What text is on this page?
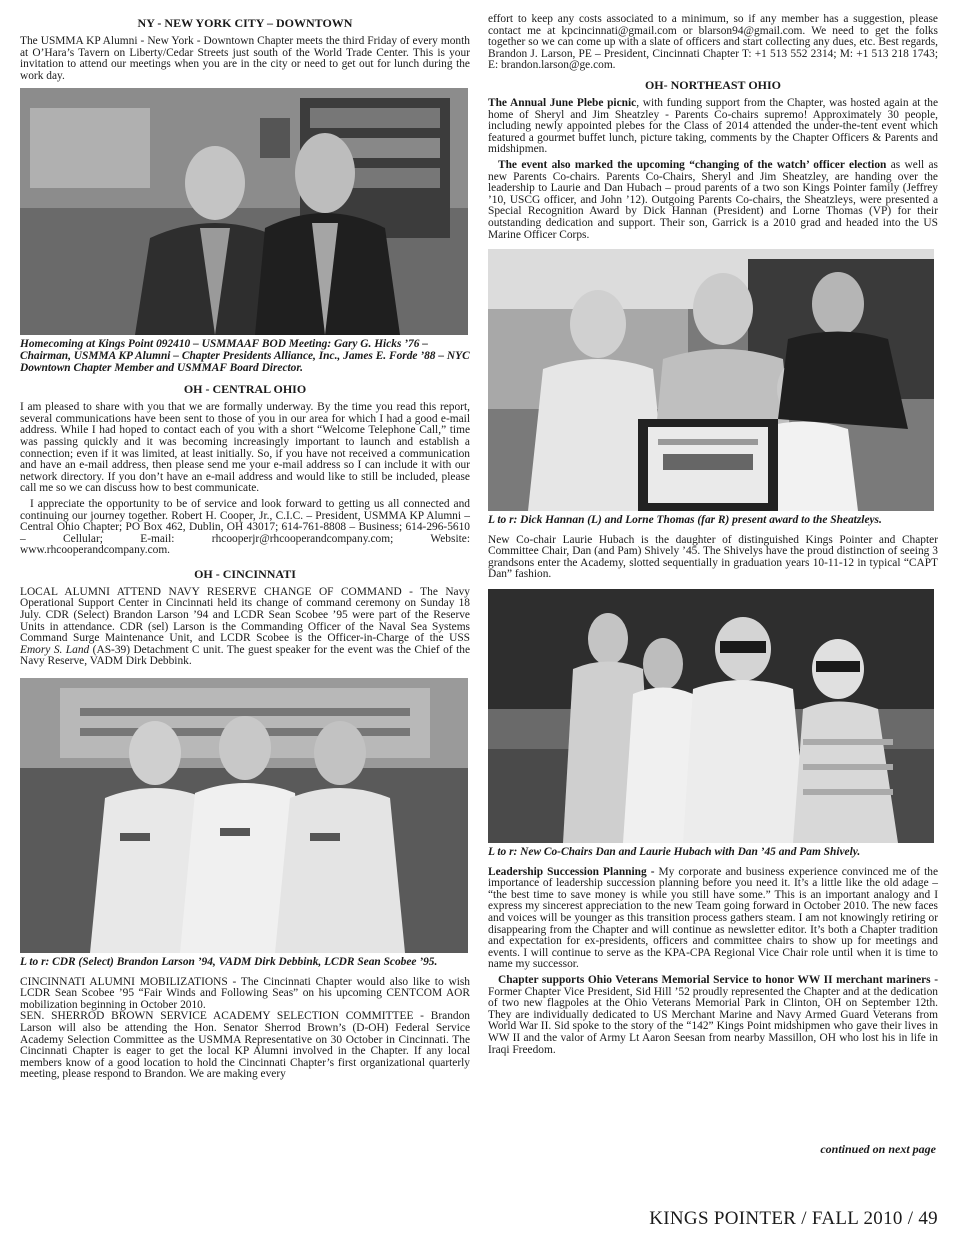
NY - NEW YORK CITY – DOWNTOWN

The USMMA KP Alumni - New York - Downtown Chapter meets the third Friday of every month at O’Hara’s Tavern on Liberty/Cedar Streets just south of the World Trade Center. This is your invitation to attend our meetings when you are in the city or need to get out for lunch during the work day.

Homecoming at Kings Point 092410 – USMMAAF BOD Meeting: Gary G. Hicks ’76 – Chairman, USMMA KP Alumni – Chapter Presidents Alliance, Inc., James E. Forde ’88 – NYC Downtown Chapter Member and USMMAF Board Director.
OH - CENTRAL OHIO

I am pleased to share with you that we are formally underway. By the time you read this report, several communications have been sent to those of you in our area for which I had a good e-mail address. While I had hoped to contact each of you with a short “Welcome Telephone Call,” time was passing quickly and it was becoming increasingly important to launch and establish a connection; even if it was limited, at least initially. So, if you have not received a communication and have an e-mail address, then please send me your e-mail address so I can include it with our network directory. If you don’t have an e-mail address and would like to still be included, please call me so we can discuss how to best communicate.

I appreciate the opportunity to be of service and look forward to getting us all connected and continuing our journey together. Robert H. Cooper, Jr., C.I.C. – President, USMMA KP Alumni – Central Ohio Chapter; PO Box 462, Dublin, OH 43017; 614-761-8808 – Business; 614-296-5610 – Cellular; E-mail: rhcooperjr@rhcooperandcompany.com; Website: www.rhcooperandcompany.com.

OH - CINCINNATI

LOCAL ALUMNI ATTEND NAVY RESERVE CHANGE OF COMMAND - The Navy Operational Support Center in Cincinnati held its change of command ceremony on Sunday 18 July. CDR (Select) Brandon Larson ’94 and LCDR Sean Scobee ’95 were part of the Reserve Units in attendance. CDR (sel) Larson is the Commanding Officer of the Naval Sea Systems Command Surge Maintenance Unit, and LCDR Scobee is the Officer-in-Charge of the USS Emory S. Land (AS-39) Detachment C unit. The guest speaker for the event was the Chief of the Navy Reserve, VADM Dirk Debbink.

L to r: CDR (Select) Brandon Larson ’94, VADM Dirk Debbink, LCDR Sean Scobee ’95.

CINCINNATI ALUMNI MOBILIZATIONS - The Cincinnati Chapter would also like to wish LCDR Sean Scobee ’95 “Fair Winds and Following Seas” on his upcoming CENTCOM AOR mobilization beginning in October 2010.

SEN. SHERROD BROWN SERVICE ACADEMY SELECTION COMMITTEE - Brandon Larson will also be attending the Hon. Senator Sherrod Brown’s (D-OH) Federal Service Academy Selection Committee as the USMMA Representative on 30 October in Cincinnati. The Cincinnati Chapter is eager to get the local KP Alumni involved in the Chapter. If any local members know of a good location to hold the Cincinnati Chapter’s first organizational quarterly meeting, please respond to Brandon. We are making every

effort to keep any costs associated to a minimum, so if any member has a suggestion, please contact me at kpcincinnati@gmail.com or blarson94@gmail.com. We need to get the folks together so we can come up with a slate of officers and start collecting any dues, etc. Best regards, Brandon J. Larson, PE – President, Cincinnati Chapter T: +1 513 552 2314; M: +1 513 218 1743; E: brandon.larson@ge.com.

OH- NORTHEAST OHIO

The Annual June Plebe picnic, with funding support from the Chapter, was hosted again at the home of Sheryl and Jim Sheatzley - Parents Co-chairs supremo! Approximately 30 people, including newly appointed plebes for the Class of 2014 attended the under-the-tent event which featured a gourmet buffet lunch, picture taking, comments by the Chapter Officers & Parents and midshipmen.

The event also marked the upcoming “changing of the watch’ officer election as well as new Parents Co-chairs. Parents Co-Chairs, Sheryl and Jim Sheatzley, are handing over the leadership to Laurie and Dan Hubach – proud parents of a two son Kings Pointer family (Jeffrey ’10, USCG officer, and John ’12). Outgoing Parents Co-chairs, the Sheatzleys, were presented a Special Recognition Award by Dick Hannan (President) and Lorne Thomas (VP) for their outstanding dedication and support. Their son, Garrick is a 2010 grad and headed into the US Marine Officer Corps.

L to r: Dick Hannan (L) and Lorne Thomas (far R) present award to the Sheatzleys.

New Co-chair Laurie Hubach is the daughter of distinguished Kings Pointer and Chapter Committee Chair, Dan (and Pam) Shively ’45. The Shivelys have the proud distinction of seeing 3 grandsons enter the Academy, slotted sequentially in graduation years 10-11-12 in typical “CAPT Dan” fashion.

L to r: New Co-Chairs Dan and Laurie Hubach with Dan ’45 and Pam Shively.

Leadership Succession Planning - My corporate and business experience convinced me of the importance of leadership succession planning before you need it. It’s a little like the old adage – “the best time to save money is while you still have some.” This is an important analogy and I express my sincerest appreciation to the new Team going forward in October 2010. The new faces and voices will be younger as this transition process gathers steam. I am not knowingly retiring or disappearing from the Chapter and will continue as newsletter editor. It’s both a Chapter tradition and expectation for ex-presidents, officers and committee chairs to show up for meetings and events. I will continue to serve as the KPA-CPA Regional Vice Chair role until when it is time to name my successor.

Chapter supports Ohio Veterans Memorial Service to honor WW II merchant mariners - Former Chapter Vice President, Sid Hill ’52 proudly represented the Chapter and at the dedication of two new flagpoles at the Ohio Veterans Memorial Park in Clinton, OH on September 12th. They are individually dedicated to US Merchant Marine and Navy Armed Guard Veterans from World War II. Sid spoke to the story of the “142” Kings Point midshipmen who gave their lives in WW II and the valor of Army Lt Aaron Seesan from nearby Massillon, OH who lost his in life in Iraqi Freedom.

continued on next page
KINGS POINTER / FALL 2010 / 49
